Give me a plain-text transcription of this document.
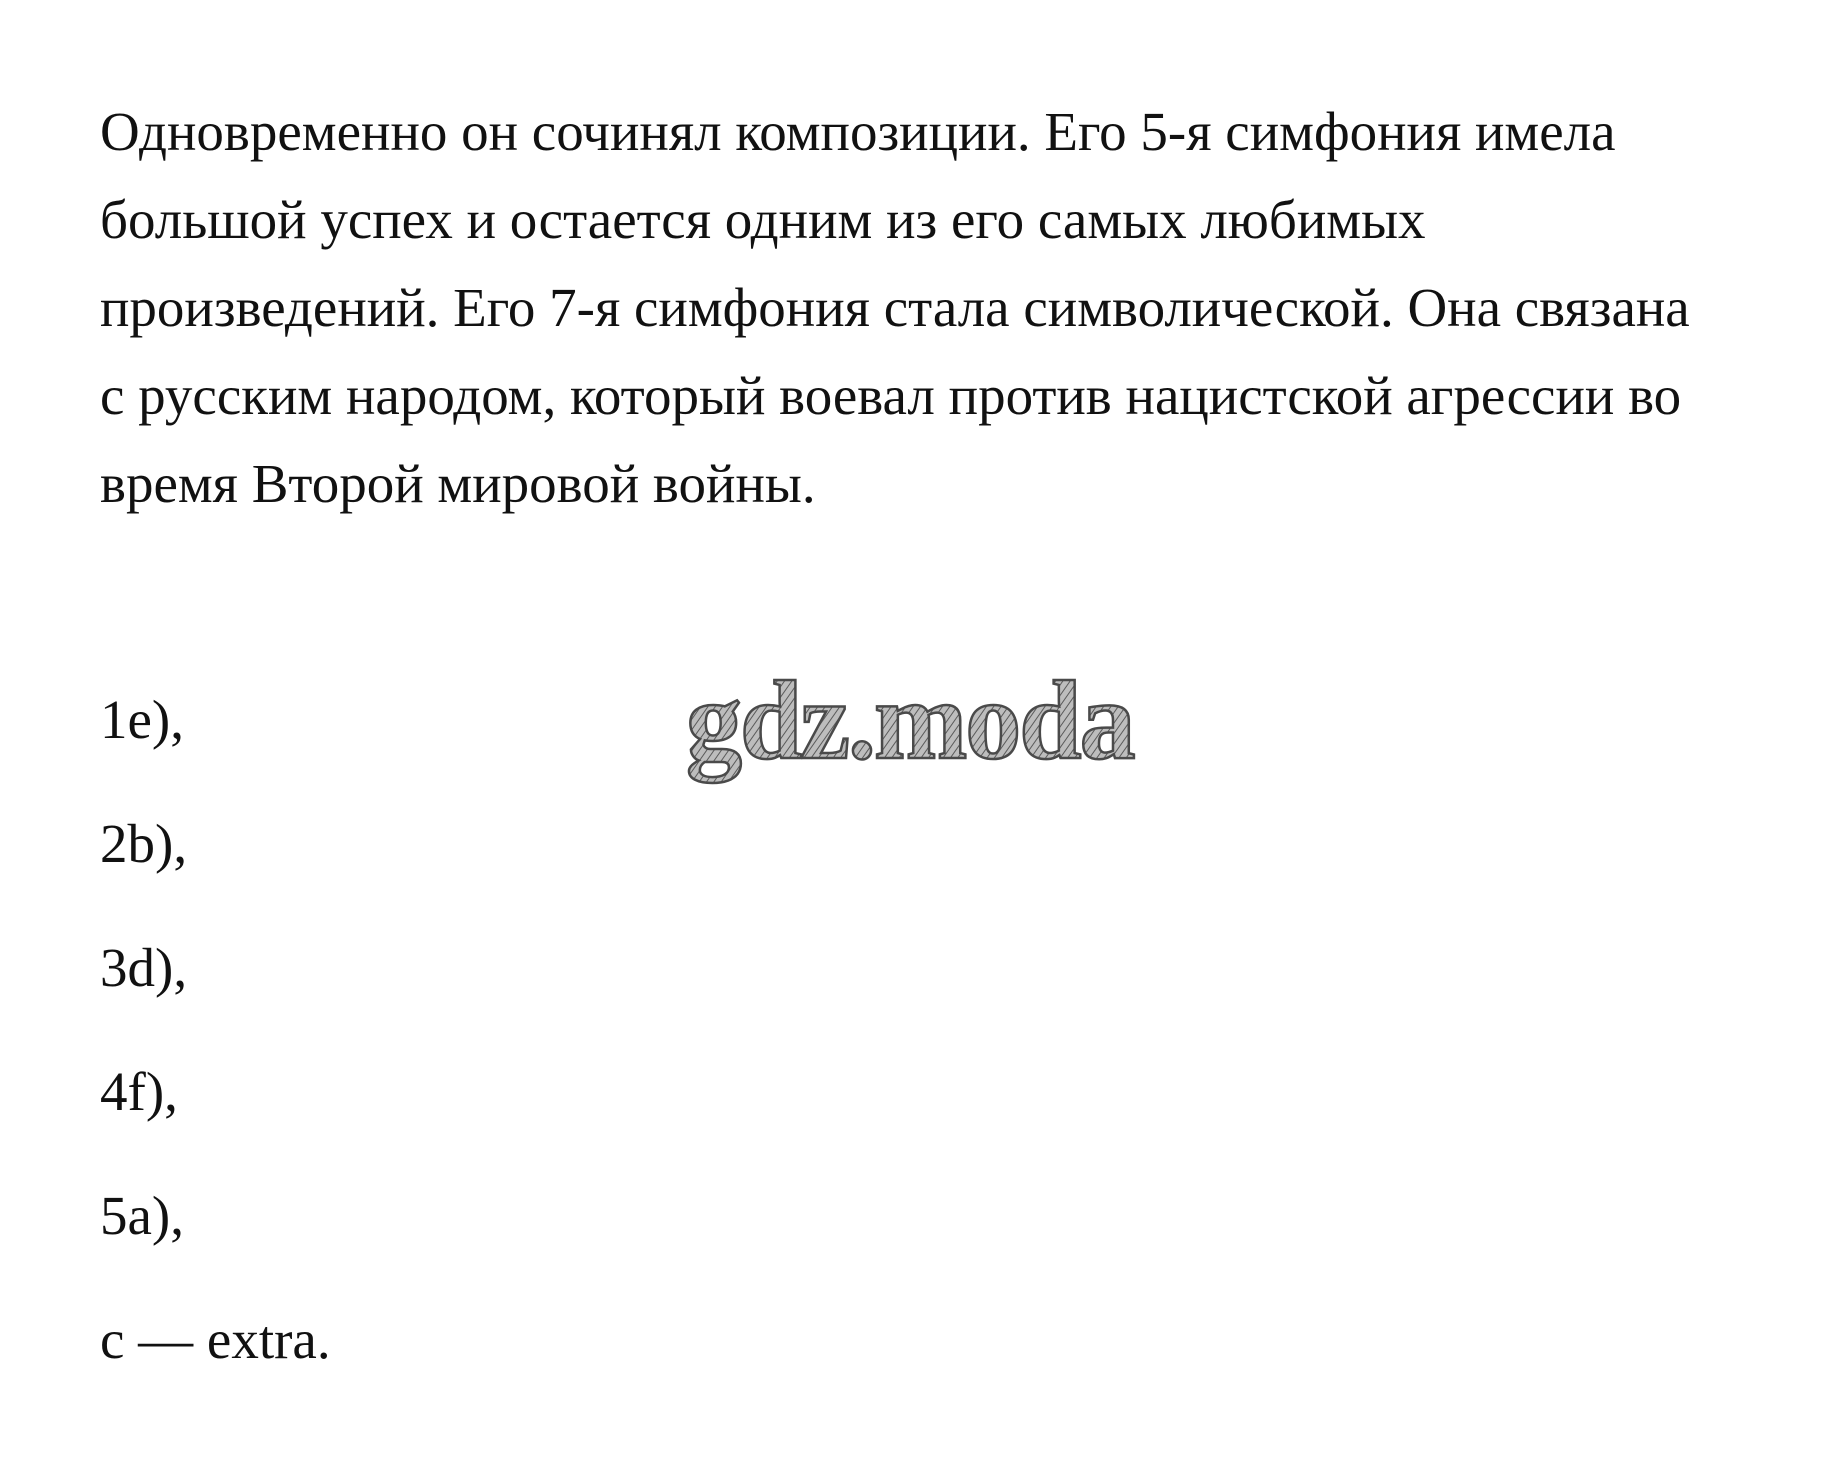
Одновременно он сочинял композиции. Его 5-я симфония имела
большой успех и остается одним из его самых любимых
произведений. Его 7-я симфония стала символической. Она связана
с русским народом, который воевал против нацистской агрессии во
время Второй мировой войны.

1e),
2b),
3d),
4f),
5a),
c — extra.
gdz.moda
